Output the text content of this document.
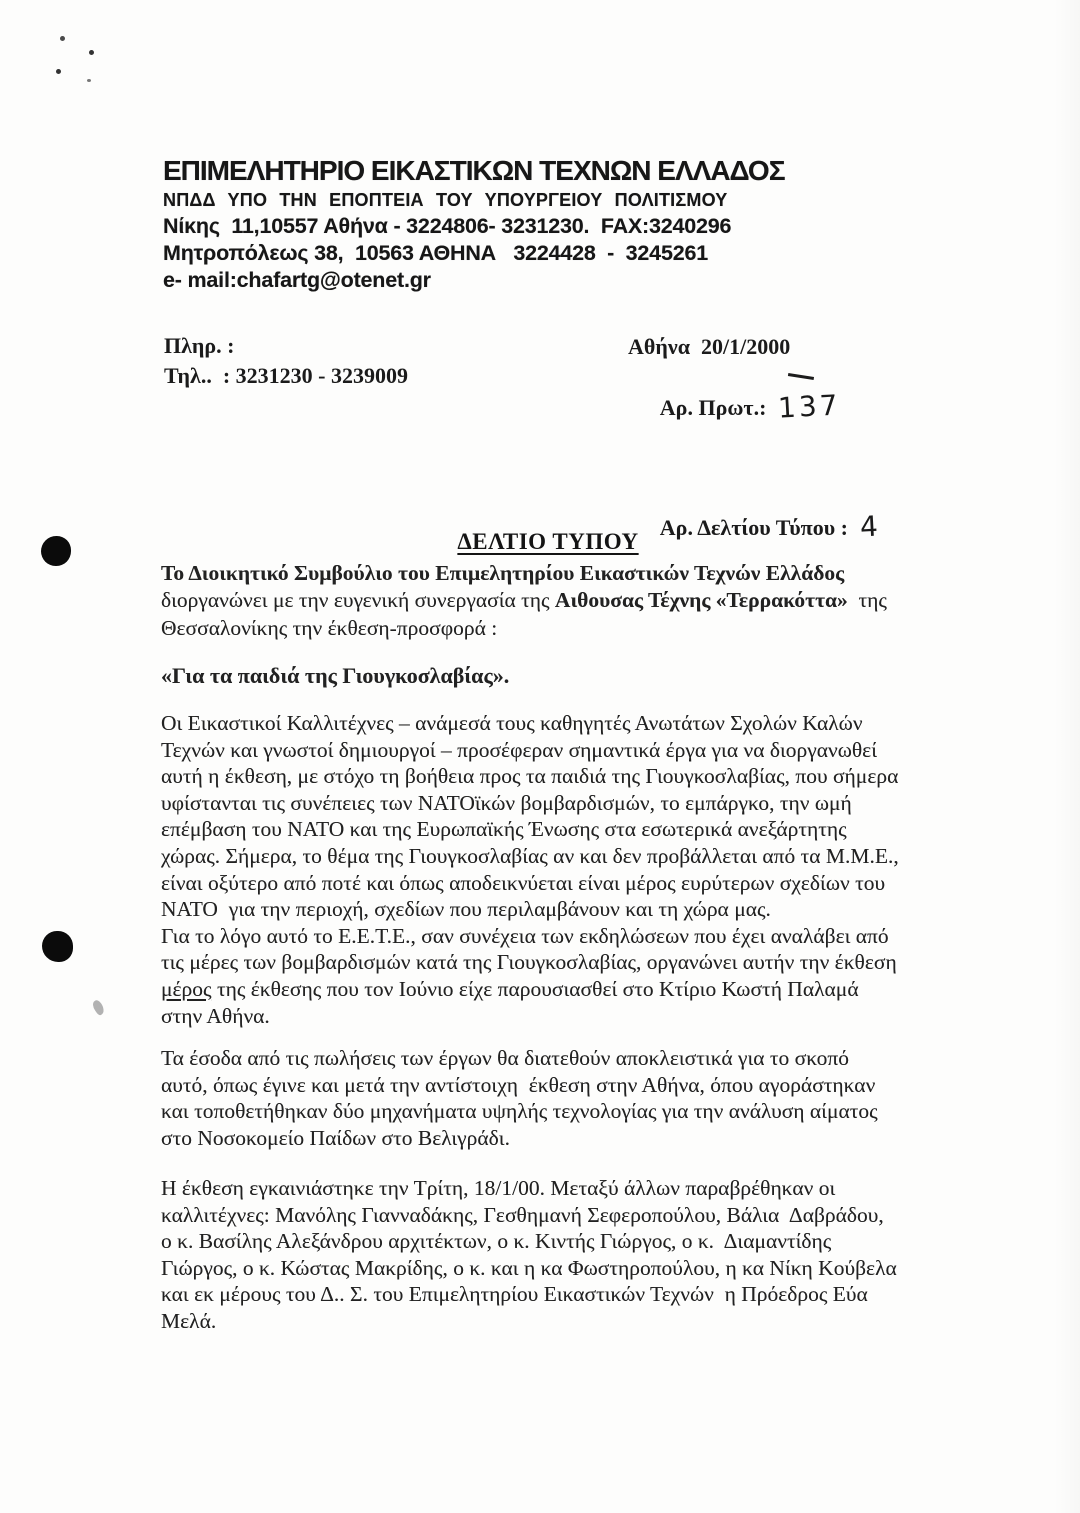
ΕΠΙΜΕΛΗΤΗΡΙΟ ΕΙΚΑΣΤΙΚΩΝ ΤΕΧΝΩΝ ΕΛΛΑΔΟΣ
ΝΠΔΔ ΥΠΟ ΤΗΝ ΕΠΟΠΤΕΙΑ ΤΟΥ ΥΠΟΥΡΓΕΙΟΥ ΠΟΛΙΤΙΣΜΟΥ
Νίκης  11,10557 Αθήνα - 3224806- 3231230.  FAX:3240296
Μητροπόλεως 38,  10563 ΑΘΗΝΑ   3224428  -  3245261
e- mail:chafartg@otenet.gr
Πληρ. :
Τηλ..  : 3231230 - 3239009
Αθήνα  20/1/2000

Αρ. Πρωτ.: 137

Αρ. Δελτίου Τύπου : 4

ΔΕΛΤΙΟ ΤΥΠΟΥ
Το Διοικητικό Συμβούλιο του Επιμελητηρίου Εικαστικών Τεχνών Ελλάδος
διοργανώνει με την ευγενική συνεργασία της Αιθουσας Τέχνης «Τερρακόττα»  της
Θεσσαλονίκης την έκθεση-προσφορά :
«Για τα παιδιά της Γιουγκοσλαβίας».
Οι Εικαστικοί Καλλιτέχνες – ανάμεσά τους καθηγητές Ανωτάτων Σχολών Καλών
Τεχνών και γνωστοί δημιουργοί – προσέφεραν σημαντικά έργα για να διοργανωθεί
αυτή η έκθεση, με στόχο τη βοήθεια προς τα παιδιά της Γιουγκοσλαβίας, που σήμερα
υφίστανται τις συνέπειες των ΝΑΤΟϊκών βομβαρδισμών, το εμπάργκο, την ωμή
επέμβαση του ΝΑΤΟ και της Ευρωπαϊκής Ένωσης στα εσωτερικά ανεξάρτητης
χώρας. Σήμερα, το θέμα της Γιουγκοσλαβίας αν και δεν προβάλλεται από τα Μ.Μ.Ε.,
είναι οξύτερο από ποτέ και όπως αποδεικνύεται είναι μέρος ευρύτερων σχεδίων του
ΝΑΤΟ  για την περιοχή, σχεδίων που περιλαμβάνουν και τη χώρα μας.
Για το λόγο αυτό το Ε.Ε.Τ.Ε., σαν συνέχεια των εκδηλώσεων που έχει αναλάβει από
τις μέρες των βομβαρδισμών κατά της Γιουγκοσλαβίας, οργανώνει αυτήν την έκθεση
μέρος της έκθεσης που τον Ιούνιο είχε παρουσιασθεί στο Κτίριο Κωστή Παλαμά
στην Αθήνα.
Τα έσοδα από τις πωλήσεις των έργων θα διατεθούν αποκλειστικά για το σκοπό
αυτό, όπως έγινε και μετά την αντίστοιχη  έκθεση στην Αθήνα, όπου αγοράστηκαν
και τοποθετήθηκαν δύο μηχανήματα υψηλής τεχνολογίας για την ανάλυση αίματος
στο Νοσοκομείο Παίδων στο Βελιγράδι.
Η έκθεση εγκαινιάστηκε την Τρίτη, 18/1/00. Μεταξύ άλλων παραβρέθηκαν οι
καλλιτέχνες: Μανόλης Γιανναδάκης, Γεσθημανή Σεφεροπούλου, Βάλια  Δαβράδου,
ο κ. Βασίλης Αλεξάνδρου αρχιτέκτων, ο κ. Κιντής Γιώργος, ο κ.  Διαμαντίδης
Γιώργος, ο κ. Κώστας Μακρίδης, ο κ. και η κα Φωστηροπούλου, η κα Νίκη Κούβελα
και εκ μέρους του Δ.. Σ. του Επιμελητηρίου Εικαστικών Τεχνών  η Πρόεδρος Εύα
Μελά.
